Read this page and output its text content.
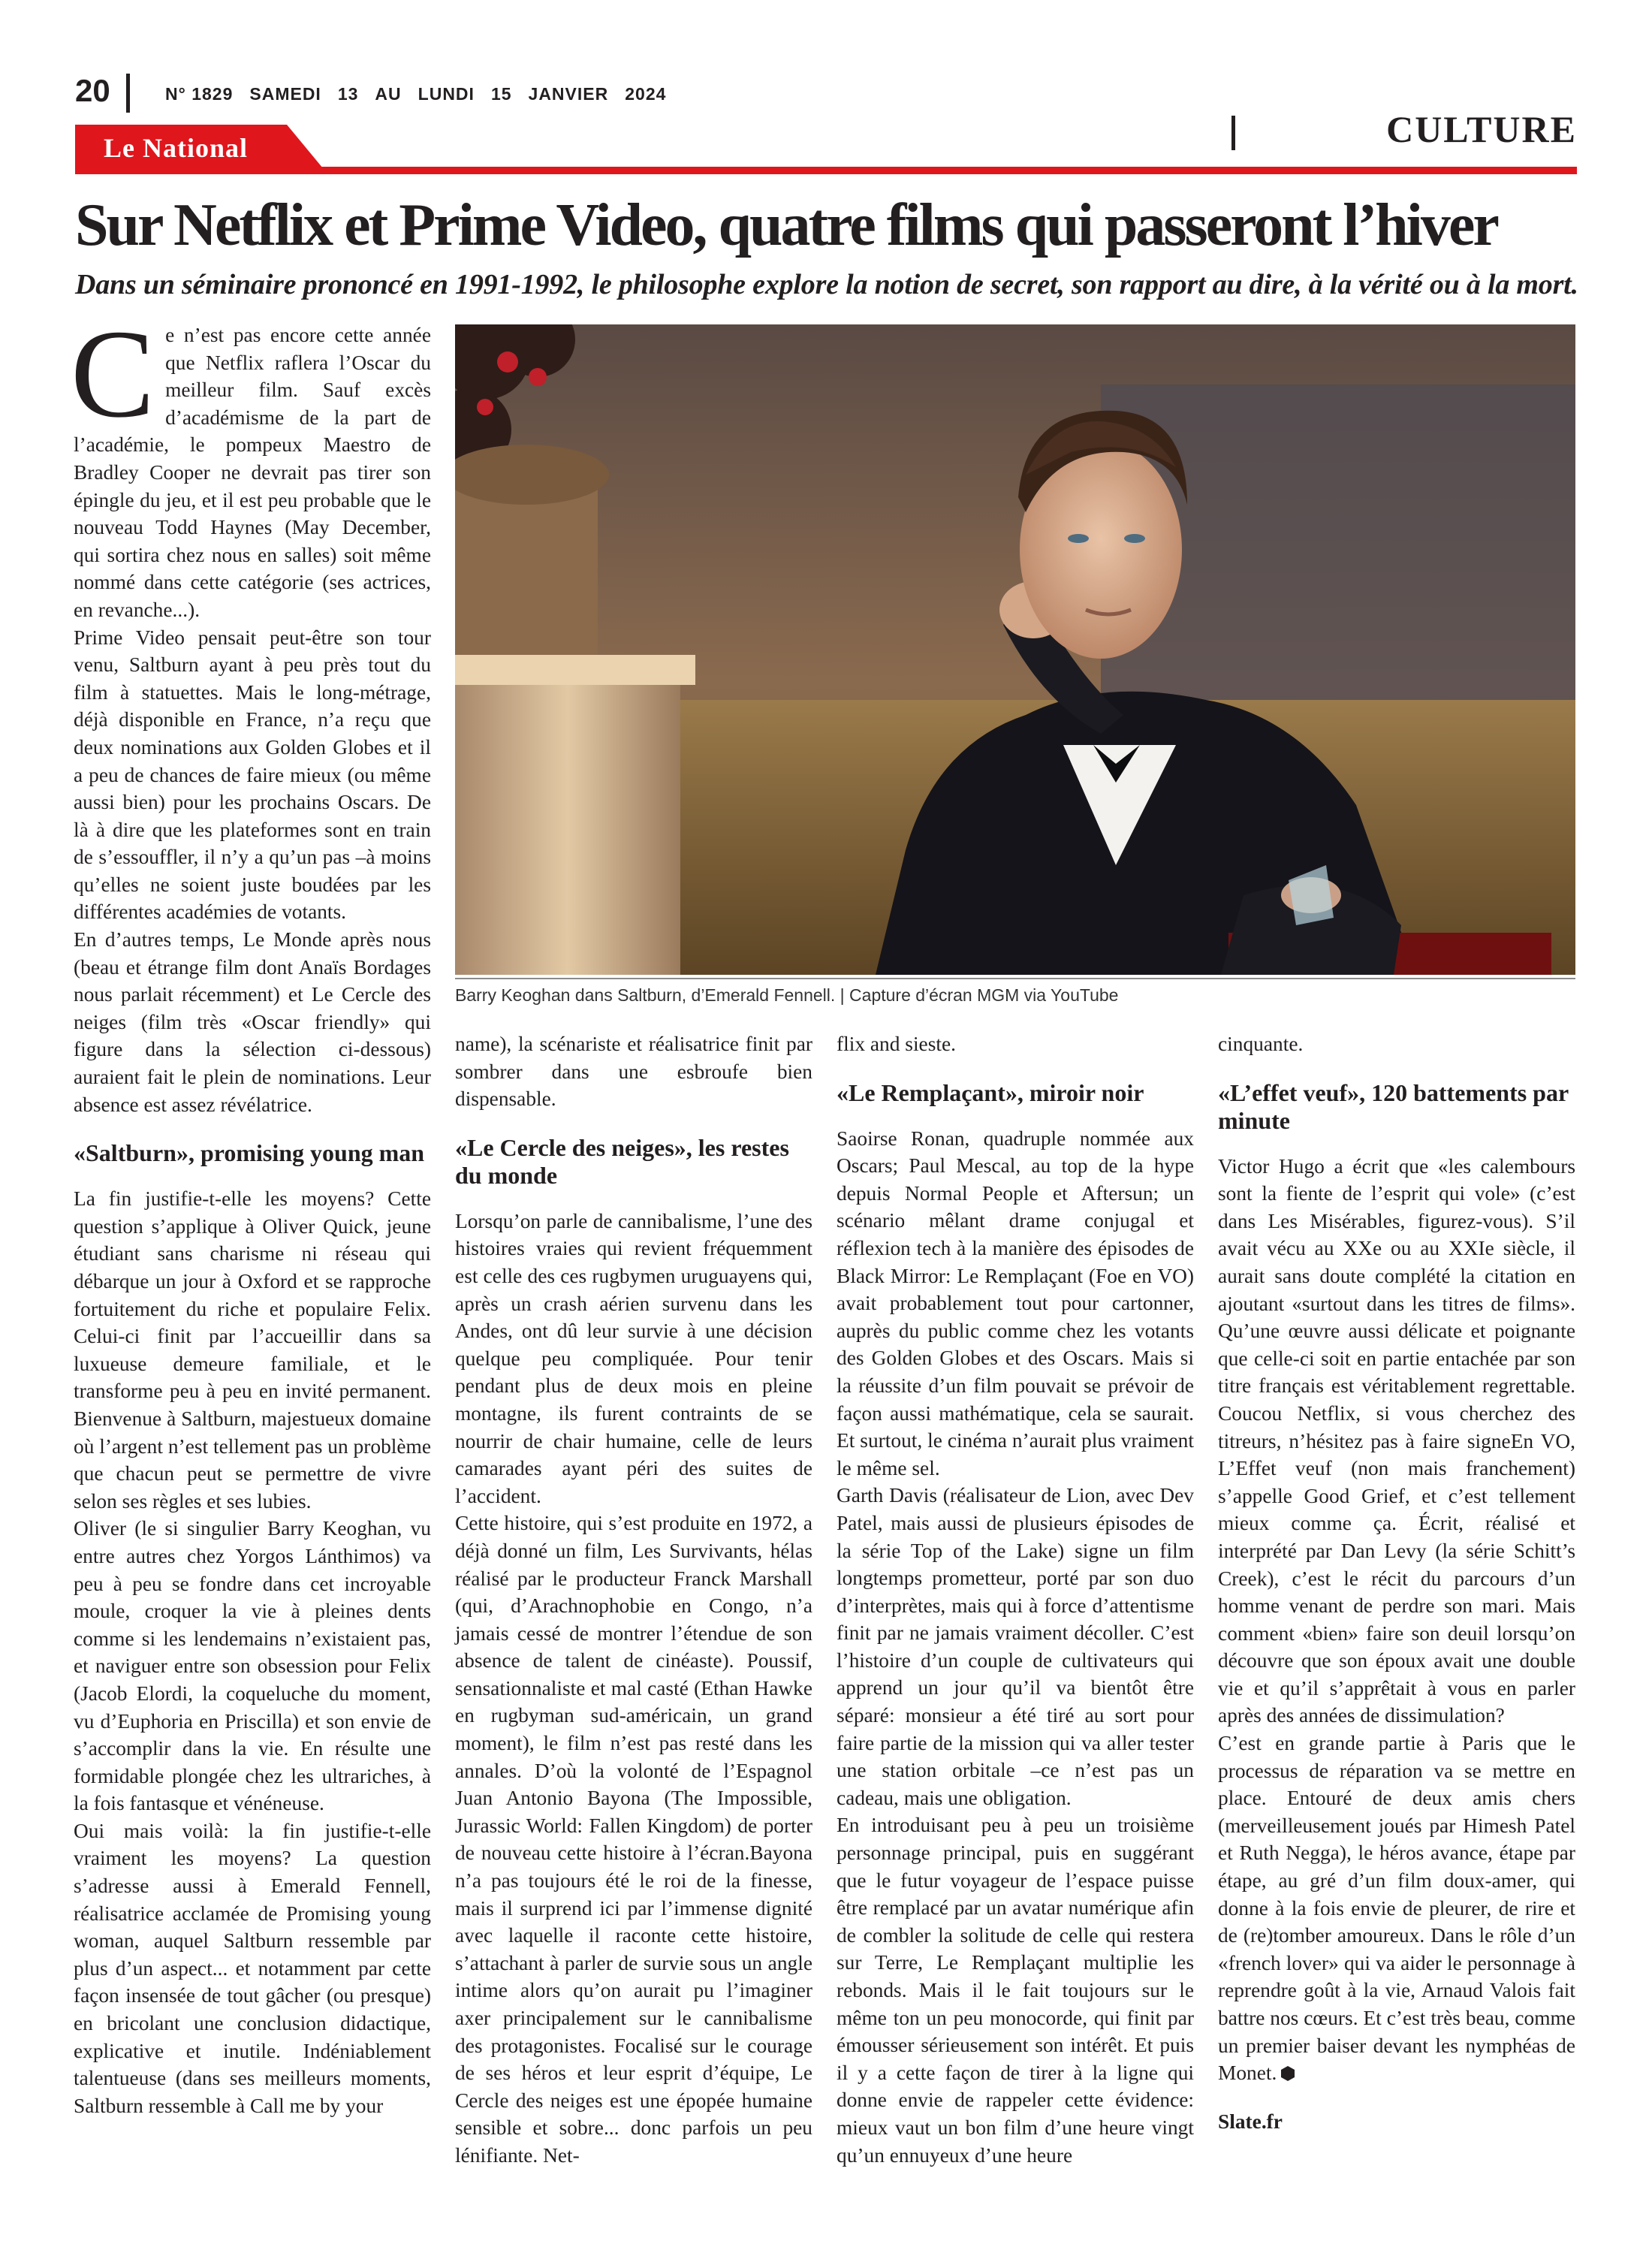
20	N° 1829 SAMEDI 13 AU LUNDI 15 JANVIER 2024
Le National	CULTURE
Sur Netflix et Prime Video, quatre films qui passeront l’hiver
Dans un séminaire prononcé en 1991-1992, le philosophe explore la notion de secret, son rapport au dire, à la vérité ou à la mort.
Barry Keoghan dans Saltburn, d’Emerald Fennell. | Capture d’écran MGM via YouTube

Ce n’est pas encore cette année que Netflix raflera l’Oscar du meilleur film. Sauf excès d’académisme de la part de l’académie, le pompeux Maestro de Bradley Cooper ne devrait pas tirer son épingle du jeu, et il est peu probable que le nouveau Todd Haynes (May December, qui sortira chez nous en salles) soit même nommé dans cette catégorie (ses actrices, en revanche...).

Prime Video pensait peut-être son tour venu, Saltburn ayant à peu près tout du film à statuettes. Mais le long-métrage, déjà disponible en France, n’a reçu que deux nominations aux Golden Globes et il a peu de chances de faire mieux (ou même aussi bien) pour les prochains Oscars. De là à dire que les plateformes sont en train de s’essouffler, il n’y a qu’un pas –à moins qu’elles ne soient juste boudées par les différentes académies de votants.

En d’autres temps, Le Monde après nous (beau et étrange film dont Anaïs Bordages nous parlait récemment) et Le Cercle des neiges (film très «Oscar friendly» qui figure dans la sélection ci-dessous) auraient fait le plein de nominations. Leur absence est assez révélatrice.

«Saltburn», promising young man

La fin justifie-t-elle les moyens? Cette question s’applique à Oliver Quick, jeune étudiant sans charisme ni réseau qui débarque un jour à Oxford et se rapproche fortuitement du riche et populaire Felix. Celui-ci finit par l’accueillir dans sa luxueuse demeure familiale, et le transforme peu à peu en invité permanent. Bienvenue à Saltburn, majestueux domaine où l’argent n’est tellement pas un problème que chacun peut se permettre de vivre selon ses règles et ses lubies.

Oliver (le si singulier Barry Keoghan, vu entre autres chez Yorgos Lánthimos) va peu à peu se fondre dans cet incroyable moule, croquer la vie à pleines dents comme si les lendemains n’existaient pas, et naviguer entre son obsession pour Felix (Jacob Elordi, la coqueluche du moment, vu d’Euphoria en Priscilla) et son envie de s’accomplir dans la vie. En résulte une formidable plongée chez les ultrariches, à la fois fantasque et vénéneuse.

Oui mais voilà: la fin justifie-t-elle vraiment les moyens? La question s’adresse aussi à Emerald Fennell, réalisatrice acclamée de Promising young woman, auquel Saltburn ressemble par plus d’un aspect... et notamment par cette façon insensée de tout gâcher (ou presque) en bricolant une conclusion didactique, explicative et inutile. Indéniablement talentueuse (dans ses meilleurs moments, Saltburn ressemble à Call me by your

name), la scénariste et réalisatrice finit par sombrer dans une esbroufe bien dispensable.

«Le Cercle des neiges», les restes du monde

Lorsqu’on parle de cannibalisme, l’une des histoires vraies qui revient fréquemment est celle des ces rugbymen uruguayens qui, après un crash aérien survenu dans les Andes, ont dû leur survie à une décision quelque peu compliquée. Pour tenir pendant plus de deux mois en pleine montagne, ils furent contraints de se nourrir de chair humaine, celle de leurs camarades ayant péri des suites de l’accident.

Cette histoire, qui s’est produite en 1972, a déjà donné un film, Les Survivants, hélas réalisé par le producteur Franck Marshall (qui, d’Arachnophobie en Congo, n’a jamais cessé de montrer l’étendue de son absence de talent de cinéaste). Poussif, sensationnaliste et mal casté (Ethan Hawke en rugbyman sud-américain, un grand moment), le film n’est pas resté dans les annales. D’où la volonté de l’Espagnol Juan Antonio Bayona (The Impossible, Jurassic World: Fallen Kingdom) de porter de nouveau cette histoire à l’écran.Bayona n’a pas toujours été le roi de la finesse, mais il surprend ici par l’immense dignité avec laquelle il raconte cette histoire, s’attachant à parler de survie sous un angle intime alors qu’on aurait pu l’imaginer axer principalement sur le cannibalisme des protagonistes. Focalisé sur le courage de ses héros et leur esprit d’équipe, Le Cercle des neiges est une épopée humaine sensible et sobre... donc parfois un peu lénifiante. Net-

flix and sieste.

«Le Remplaçant», miroir noir

Saoirse Ronan, quadruple nommée aux Oscars; Paul Mescal, au top de la hype depuis Normal People et Aftersun; un scénario mêlant drame conjugal et réflexion tech à la manière des épisodes de Black Mirror: Le Remplaçant (Foe en VO) avait probablement tout pour cartonner, auprès du public comme chez les votants des Golden Globes et des Oscars. Mais si la réussite d’un film pouvait se prévoir de façon aussi mathématique, cela se saurait. Et surtout, le cinéma n’aurait plus vraiment le même sel.

Garth Davis (réalisateur de Lion, avec Dev Patel, mais aussi de plusieurs épisodes de la série Top of the Lake) signe un film longtemps prometteur, porté par son duo d’interprètes, mais qui à force d’attentisme finit par ne jamais vraiment décoller. C’est l’histoire d’un couple de cultivateurs qui apprend un jour qu’il va bientôt être séparé: monsieur a été tiré au sort pour faire partie de la mission qui va aller tester une station orbitale –ce n’est pas un cadeau, mais une obligation.

En introduisant peu à peu un troisième personnage principal, puis en suggérant que le futur voyageur de l’espace puisse être remplacé par un avatar numérique afin de combler la solitude de celle qui restera sur Terre, Le Remplaçant multiplie les rebonds. Mais il le fait toujours sur le même ton un peu monocorde, qui finit par émousser sérieusement son intérêt. Et puis il y a cette façon de tirer à la ligne qui donne envie de rappeler cette évidence: mieux vaut un bon film d’une heure vingt qu’un ennuyeux d’une heure

cinquante.

«L’effet veuf», 120 battements par minute

Victor Hugo a écrit que «les calembours sont la fiente de l’esprit qui vole» (c’est dans Les Misérables, figurez-vous). S’il avait vécu au XXe ou au XXIe siècle, il aurait sans doute complété la citation en ajoutant «surtout dans les titres de films». Qu’une œuvre aussi délicate et poignante que celle-ci soit en partie entachée par son titre français est véritablement regrettable. Coucou Netflix, si vous cherchez des titreurs, n’hésitez pas à faire signeEn VO, L’Effet veuf (non mais franchement) s’appelle Good Grief, et c’est tellement mieux comme ça. Écrit, réalisé et interprété par Dan Levy (la série Schitt’s Creek), c’est le récit du parcours d’un homme venant de perdre son mari. Mais comment «bien» faire son deuil lorsqu’on découvre que son époux avait une double vie et qu’il s’apprêtait à vous en parler après des années de dissimulation?

C’est en grande partie à Paris que le processus de réparation va se mettre en place. Entouré de deux amis chers (merveilleusement joués par Himesh Patel et Ruth Negga), le héros avance, étape par étape, au gré d’un film doux-amer, qui donne à la fois envie de pleurer, de rire et de (re)tomber amoureux. Dans le rôle d’un «french lover» qui va aider le personnage à reprendre goût à la vie, Arnaud Valois fait battre nos cœurs. Et c’est très beau, comme un premier baiser devant les nymphéas de Monet.

Slate.fr
